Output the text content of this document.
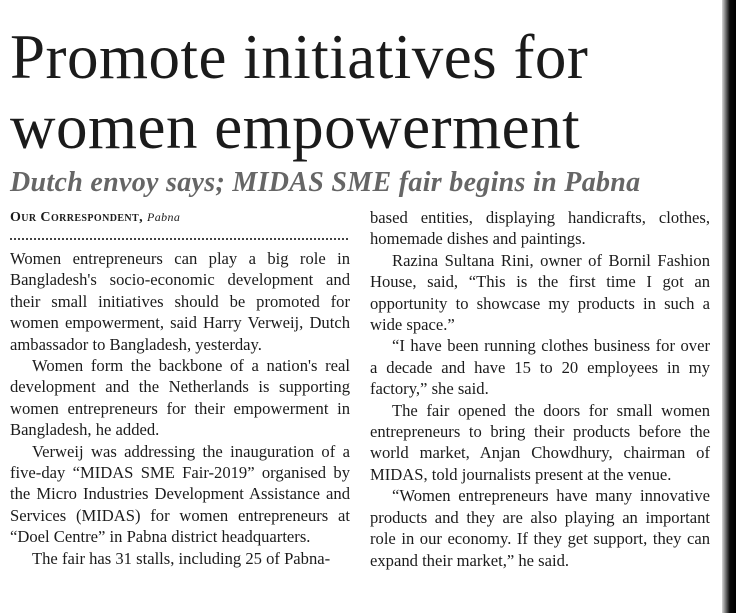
Promote initiatives for women empowerment
Dutch envoy says; MIDAS SME fair begins in Pabna
Our Correspondent, Pabna

Women entrepreneurs can play a big role in Bangladesh's socio-economic development and their small initiatives should be promoted for women empowerment, said Harry Verweij, Dutch ambassador to Bangladesh, yesterday.

Women form the backbone of a nation's real development and the Netherlands is supporting women entrepreneurs for their empowerment in Bangladesh, he added.

Verweij was addressing the inauguration of a five-day “MIDAS SME Fair-2019” organised by the Micro Industries Development Assistance and Services (MIDAS) for women entrepreneurs at “Doel Centre” in Pabna district headquarters.

The fair has 31 stalls, including 25 of Pabna-

based entities, displaying handicrafts, clothes, homemade dishes and paintings.

Razina Sultana Rini, owner of Bornil Fashion House, said, “This is the first time I got an opportunity to showcase my products in such a wide space.”

“I have been running clothes business for over a decade and have 15 to 20 employees in my factory,” she said.

The fair opened the doors for small women entrepreneurs to bring their products before the world market, Anjan Chowdhury, chairman of MIDAS, told journalists present at the venue.

“Women entrepreneurs have many innovative products and they are also playing an important role in our economy. If they get support, they can expand their market,” he said.
